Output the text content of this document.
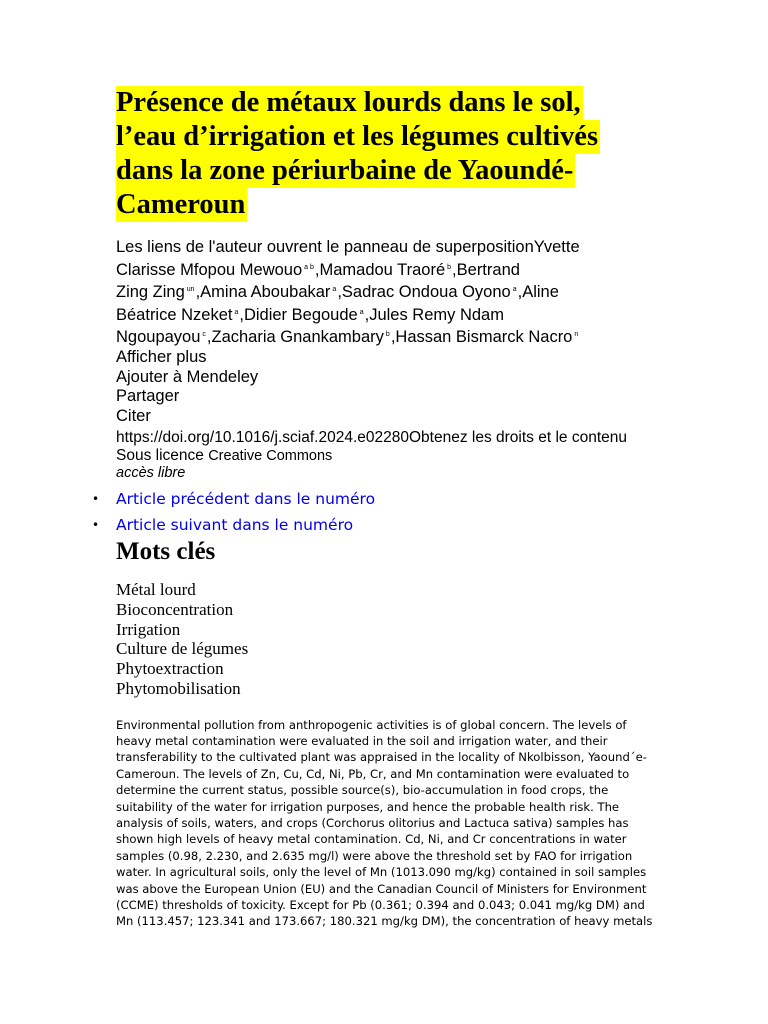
Présence de métaux lourds dans le sol,
l’eau d’irrigation et les légumes cultivés
dans la zone périurbaine de Yaoundé-
Cameroun
Les liens de l'auteur ouvrent le panneau de superpositionYvette
Clarisse Mfopou Mewouo $^{a b}$,Mamadou Traoré $^b$,Bertrand
Zing Zing $^{un}$,Amina Aboubakar $^a$,Sadrac Ondoua Oyono $^a$,Aline
Béatrice Nzeket $^a$,Didier Begoude $^a$,Jules Remy Ndam
Ngoupayou $^c$,Zacharia Gnankambary $^b$,Hassan Bismarck Nacro $^n$
Afficher plus
Ajouter à Mendeley
Partager
Citer
https://doi.org/10.1016/j.sciaf.2024.e02280Obtenez les droits et le contenu
Sous licence Creative Commons
accès libre
• Article précédent dans le numéro
• Article suivant dans le numéro
Mots clés
Métal lourd
Bioconcentration
Irrigation
Culture de légumes
Phytoextraction
Phytomobilisation
Environmental pollution from anthropogenic activities is of global concern. The levels of
heavy metal contamination were evaluated in the soil and irrigation water, and their
transferability to the cultivated plant was appraised in the locality of Nkolbisson, Yaound´e-
Cameroun. The levels of Zn, Cu, Cd, Ni, Pb, Cr, and Mn contamination were evaluated to
determine the current status, possible source(s), bio-accumulation in food crops, the
suitability of the water for irrigation purposes, and hence the probable health risk. The
analysis of soils, waters, and crops (Corchorus olitorius and Lactuca sativa) samples has
shown high levels of heavy metal contamination. Cd, Ni, and Cr concentrations in water
samples (0.98, 2.230, and 2.635 mg/l) were above the threshold set by FAO for irrigation
water. In agricultural soils, only the level of Mn (1013.090 mg/kg) contained in soil samples
was above the European Union (EU) and the Canadian Council of Ministers for Environment
(CCME) thresholds of toxicity. Except for Pb (0.361; 0.394 and 0.043; 0.041 mg/kg DM) and
Mn (113.457; 123.341 and 173.667; 180.321 mg/kg DM), the concentration of heavy metals
